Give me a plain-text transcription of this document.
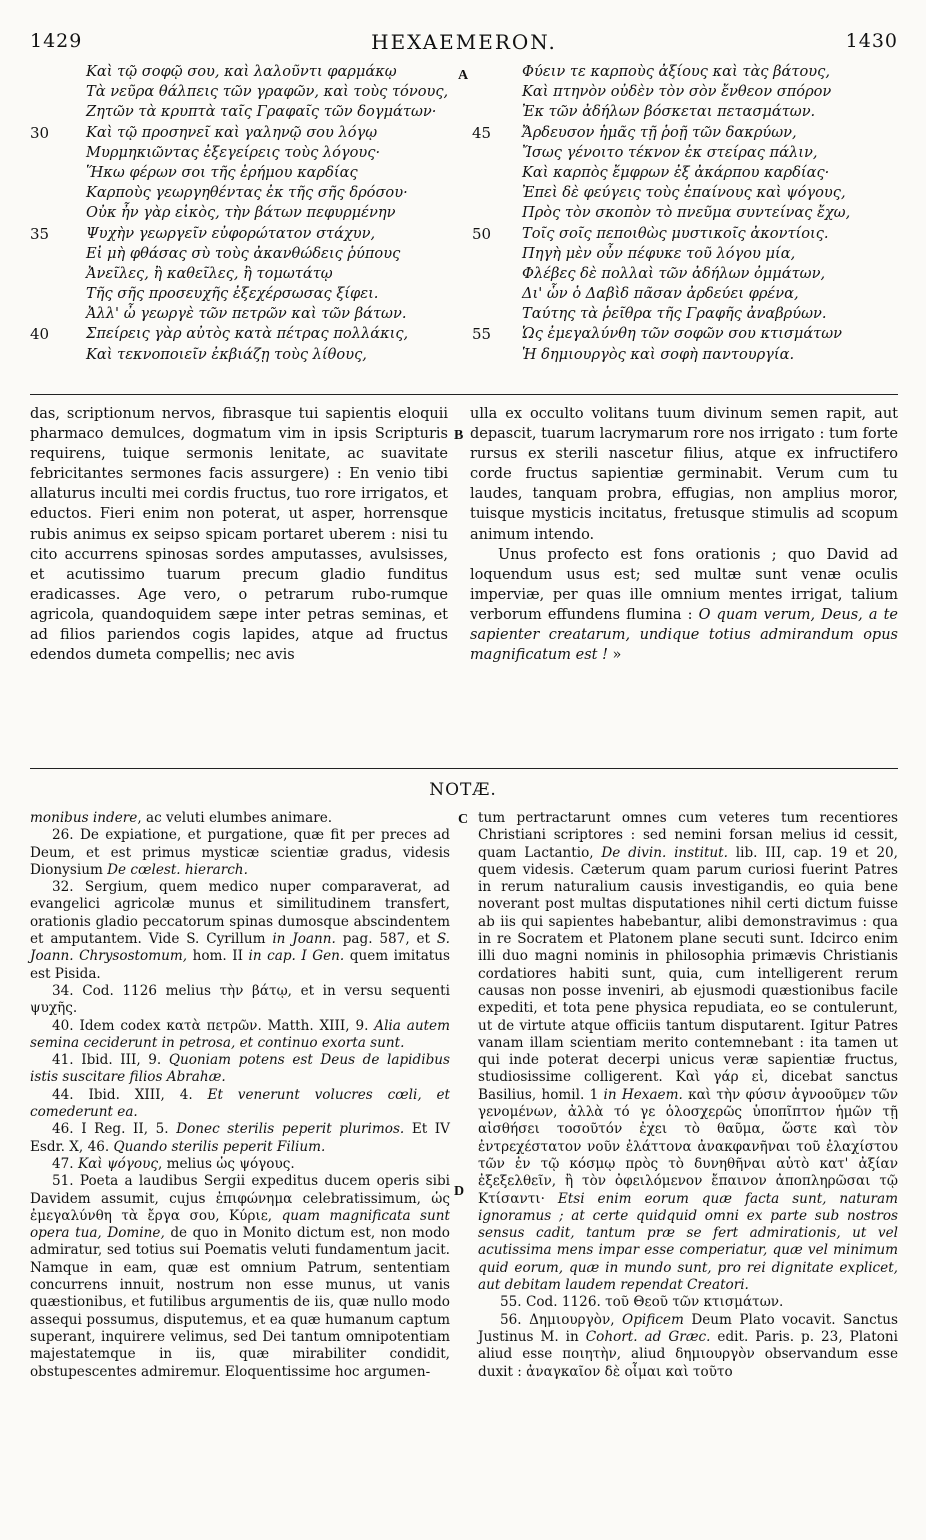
1429	HEXAEMERON.	1430
A
B
C
D
Καὶ τῷ σοφῷ σου, καὶ λαλοῦντι φαρμάκῳ
Τὰ νεῦρα θάλπεις τῶν γραφῶν, καὶ τοὺς τόνους,
Ζητῶν τὰ κρυπτὰ ταῖς Γραφαῖς τῶν δογμάτων·
30	Καὶ τῷ προσηνεῖ καὶ γαληνῷ σου λόγῳ
Μυρμηκιῶντας ἐξεγείρεις τοὺς λόγους·
Ἥκω φέρων σοι τῆς ἐρήμου καρδίας
Καρποὺς γεωργηθέντας ἐκ τῆς σῆς δρόσου·
Οὐκ ἦν γὰρ εἰκὸς, τὴν βάτων πεφυρμένην
35	Ψυχὴν γεωργεῖν εὐφορώτατον στάχυν,
Εἰ μὴ φθάσας σὺ τοὺς ἀκανθώδεις ῥύπους
Ἀνεῖλες, ἢ καθεῖλες, ἢ τομωτάτῳ
Τῆς σῆς προσευχῆς ἐξεχέρσωσας ξίφει.
Ἀλλ' ὦ γεωργὲ τῶν πετρῶν καὶ τῶν βάτων.
40	Σπείρεις γὰρ αὐτὸς κατὰ πέτρας πολλάκις,
Καὶ τεκνοποιεῖν ἐκβιάζῃ τοὺς λίθους,
Φύειν τε καρποὺς ἀξίους καὶ τὰς βάτους,
Καὶ πτηνὸν οὐδὲν τὸν σὸν ἔνθεον σπόρον
Ἐκ τῶν ἀδήλων βόσκεται πετασμάτων.
45	Ἄρδευσον ἡμᾶς τῇ ῥοῇ τῶν δακρύων,
Ἴσως γένοιτο τέκνον ἐκ στείρας πάλιν,
Καὶ καρπὸς ἔμφρων ἐξ ἀκάρπου καρδίας·
Ἐπεὶ δὲ φεύγεις τοὺς ἐπαίνους καὶ ψόγους,
Πρὸς τὸν σκοπὸν τὸ πνεῦμα συντείνας ἔχω,
50	Τοῖς σοῖς πεποιθὼς μυστικοῖς ἀκοντίοις.
Πηγὴ μὲν οὖν πέφυκε τοῦ λόγου μία,
Φλέβες δὲ πολλαὶ τῶν ἀδήλων ὀμμάτων,
Δι' ὧν ὁ Δαβὶδ πᾶσαν ἀρδεύει φρένα,
Ταύτης τὰ ῥεῖθρα τῆς Γραφῆς ἀναβρύων.
55	Ὡς ἐμεγαλύνθη τῶν σοφῶν σου κτισμάτων
Ἡ δημιουργὸς καὶ σοφὴ παντουργία.

das, scriptionum nervos, fibrasque tui sapientis eloquii pharmaco demulces, dogmatum vim in ipsis Scripturis requirens, tuique sermonis lenitate, ac suavitate febricitantes sermones facis assurgere) : En venio tibi allaturus inculti mei cordis fructus, tuo rore irrigatos, et eductos. Fieri enim non poterat, ut asper, horrensque rubis animus ex seipso spicam portaret uberem : nisi tu cito accurrens spinosas sordes amputasses, avulsisses, et acutissimo tuarum precum gladio funditus eradicasses. Age vero, o petrarum rubo-rumque agricola, quandoquidem sæpe inter petras seminas, et ad filios pariendos cogis lapides, atque ad fructus edendos dumeta compellis; nec avis

ulla ex occulto volitans tuum divinum semen rapit, aut depascit, tuarum lacrymarum rore nos irrigato : tum forte rursus ex sterili nascetur filius, atque ex infructifero corde fructus sapientiæ germinabit. Verum cum tu laudes, tanquam probra, effugias, non amplius moror, tuisque mysticis incitatus, fretusque stimulis ad scopum animum intendo.

Unus profecto est fons orationis ; quo David ad loquendum usus est; sed multæ sunt venæ oculis imperviæ, per quas ille omnium mentes irrigat, talium verborum effundens flumina : O quam verum, Deus, a te sapienter creatarum, undique totius admirandum opus magnificatum est ! »

NOTÆ.

monibus indere, ac veluti elumbes animare.

26. De expiatione, et purgatione, quæ fit per preces ad Deum, et est primus mysticæ scientiæ gradus, videsis Dionysium De cœlest. hierarch.

32. Sergium, quem medico nuper comparaverat, ad evangelici agricolæ munus et similitudinem transfert, orationis gladio peccatorum spinas dumosque abscindentem et amputantem. Vide S. Cyrillum in Joann. pag. 587, et S. Joann. Chrysostomum, hom. II in cap. I Gen. quem imitatus est Pisida.

34. Cod. 1126 melius τὴν βάτῳ, et in versu sequenti ψυχῆς.

40. Idem codex κατὰ πετρῶν. Matth. XIII, 9. Alia autem semina ceciderunt in petrosa, et continuo exorta sunt.

41. Ibid. III, 9. Quoniam potens est Deus de lapidibus istis suscitare filios Abrahæ.

44. Ibid. XIII, 4. Et venerunt volucres cœli, et comederunt ea.

46. I Reg. II, 5. Donec sterilis peperit plurimos. Et IV Esdr. X, 46. Quando sterilis peperit Filium.

47. Καὶ ψόγους, melius ὡς ψόγους.

51. Poeta a laudibus Sergii expeditus ducem operis sibi Davidem assumit, cujus ἐπιφώνημα celebratissimum, ὡς ἐμεγαλύνθη τὰ ἔργα σου, Κύριε, quam magnificata sunt opera tua, Domine, de quo in Monito dictum est, non modo admiratur, sed totius sui Poematis veluti fundamentum jacit. Namque in eam, quæ est omnium Patrum, sententiam concurrens innuit, nostrum non esse munus, ut vanis quæstionibus, et futilibus argumentis de iis, quæ nullo modo assequi possumus, disputemus, et ea quæ humanum captum superant, inquirere velimus, sed Dei tantum omnipotentiam majestatemque in iis, quæ mirabiliter condidit, obstupescentes admiremur. Eloquentissime hoc argumen-

tum pertractarunt omnes cum veteres tum recentiores Christiani scriptores : sed nemini forsan melius id cessit, quam Lactantio, De divin. institut. lib. III, cap. 19 et 20, quem videsis. Cæterum quam parum curiosi fuerint Patres in rerum naturalium causis investigandis, eo quia bene noverant post multas disputationes nihil certi dictum fuisse ab iis qui sapientes habebantur, alibi demonstravimus : qua in re Socratem et Platonem plane secuti sunt. Idcirco enim illi duo magni nominis in philosophia primævis Christianis cordatiores habiti sunt, quia, cum intelligerent rerum causas non posse inveniri, ab ejusmodi quæstionibus facile expediti, et tota pene physica repudiata, eo se contulerunt, ut de virtute atque officiis tantum disputarent. Igitur Patres vanam illam scientiam merito contemnebant : ita tamen ut qui inde poterat decerpi unicus veræ sapientiæ fructus, studiosissime colligerent. Καὶ γάρ εἰ, dicebat sanctus Basilius, homil. 1 in Hexaem. καὶ τὴν φύσιν ἀγνοοῦμεν τῶν γενομένων, ἀλλὰ τό γε ὁλοσχερῶς ὑποπῖπτον ἡμῶν τῇ αἰσθήσει τοσοῦτόν ἐχει τὸ θαῦμα, ὥστε καὶ τὸν ἐντρεχέστατον νοῦν ἐλάττονα ἀνακφανῆναι τοῦ ἐλαχίστου τῶν ἐν τῷ κόσμῳ πρὸς τὸ δυνηθῆναι αὐτὸ κατ' ἀξίαν ἐξεξελθεῖν, ἢ τὸν ὀφειλόμενον ἔπαινον ἀποπληρῶσαι τῷ Κτίσαντι· Etsi enim eorum quæ facta sunt, naturam ignoramus ; at certe quidquid omni ex parte sub nostros sensus cadit, tantum præ se fert admirationis, ut vel acutissima mens impar esse comperiatur, quæ vel minimum quid eorum, quæ in mundo sunt, pro rei dignitate explicet, aut debitam laudem rependat Creatori.

55. Cod. 1126. τοῦ Θεοῦ τῶν κτισμάτων.

56. Δημιουργὸν, Opificem Deum Plato vocavit. Sanctus Justinus M. in Cohort. ad Græc. edit. Paris. p. 23, Platoni aliud esse ποιητὴν, aliud δημιουργὸν observandum esse duxit : ἀναγκαῖον δὲ οἶμαι καὶ τοῦτο
